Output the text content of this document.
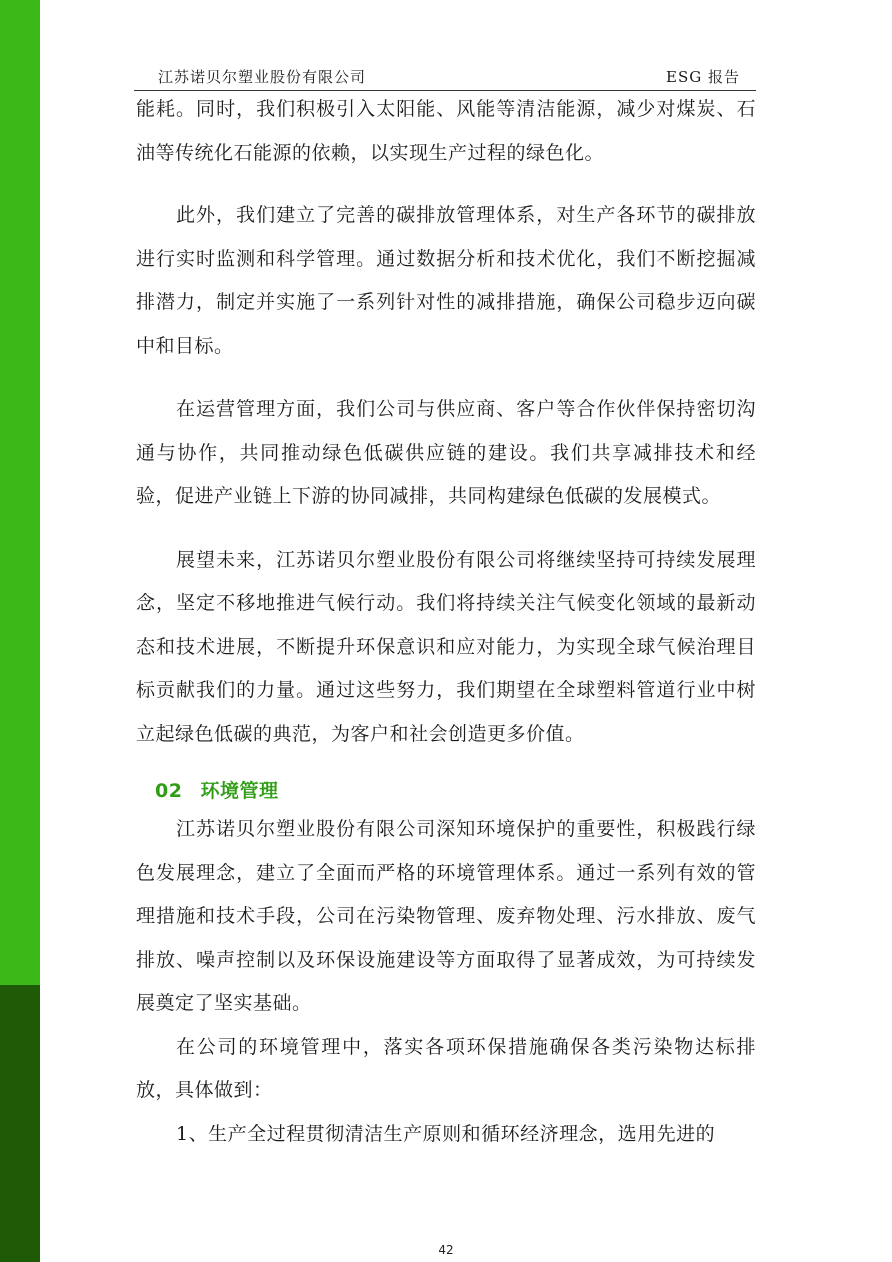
江苏诺贝尔塑业股份有限公司	ESG 报告

能耗。同时，我们积极引入太阳能、风能等清洁能源，减少对煤炭、石油等传统化石能源的依赖，以实现生产过程的绿色化。

此外，我们建立了完善的碳排放管理体系，对生产各环节的碳排放进行实时监测和科学管理。通过数据分析和技术优化，我们不断挖掘减排潜力，制定并实施了一系列针对性的减排措施，确保公司稳步迈向碳中和目标。

在运营管理方面，我们公司与供应商、客户等合作伙伴保持密切沟通与协作，共同推动绿色低碳供应链的建设。我们共享减排技术和经验，促进产业链上下游的协同减排，共同构建绿色低碳的发展模式。

展望未来，江苏诺贝尔塑业股份有限公司将继续坚持可持续发展理念，坚定不移地推进气候行动。我们将持续关注气候变化领域的最新动态和技术进展，不断提升环保意识和应对能力，为实现全球气候治理目标贡献我们的力量。通过这些努力，我们期望在全球塑料管道行业中树立起绿色低碳的典范，为客户和社会创造更多价值。

02 环境管理

江苏诺贝尔塑业股份有限公司深知环境保护的重要性，积极践行绿色发展理念，建立了全面而严格的环境管理体系。通过一系列有效的管理措施和技术手段，公司在污染物管理、废弃物处理、污水排放、废气排放、噪声控制以及环保设施建设等方面取得了显著成效，为可持续发展奠定了坚实基础。

在公司的环境管理中，落实各项环保措施确保各类污染物达标排放，具体做到：

1、生产全过程贯彻清洁生产原则和循环经济理念，选用先进的

42
